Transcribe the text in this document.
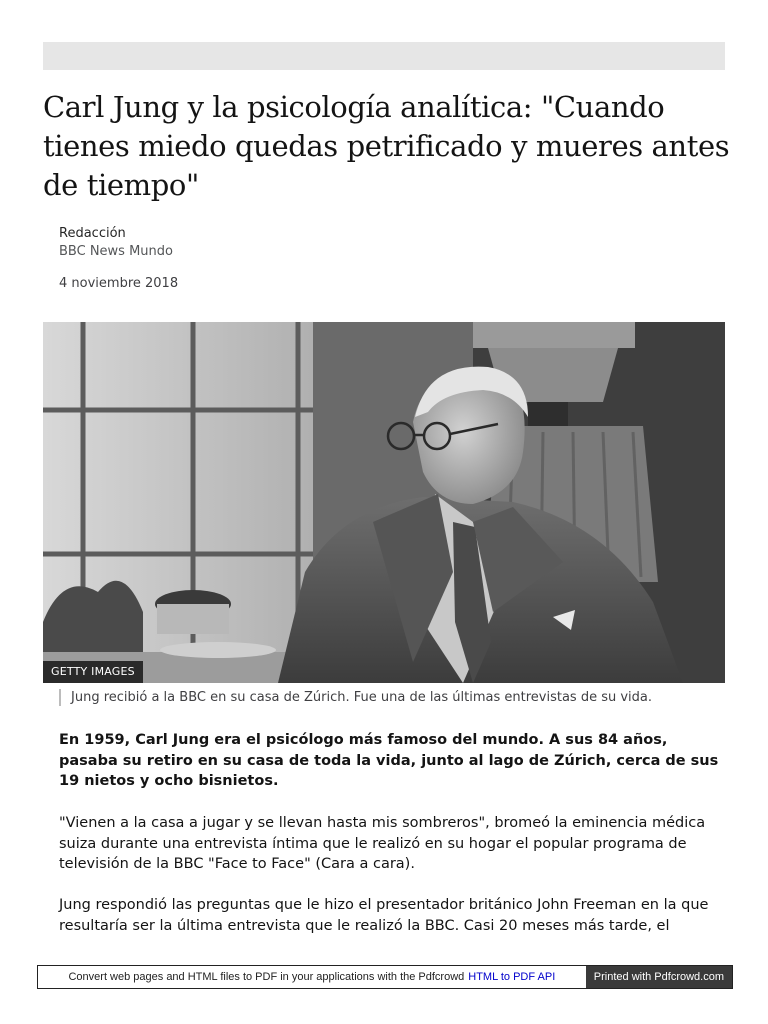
Carl Jung y la psicología analítica: "Cuando tienes miedo quedas petrificado y mueres antes de tiempo"
Redacción
BBC News Mundo
4 noviembre 2018
GETTY IMAGES
Jung recibió a la BBC en su casa de Zúrich. Fue una de las últimas entrevistas de su vida.

En 1959, Carl Jung era el psicólogo más famoso del mundo. A sus 84 años, pasaba su retiro en su casa de toda la vida, junto al lago de Zúrich, cerca de sus 19 nietos y ocho bisnietos.

"Vienen a la casa a jugar y se llevan hasta mis sombreros", bromeó la eminencia médica suiza durante una entrevista íntima que le realizó en su hogar el popular programa de televisión de la BBC "Face to Face" (Cara a cara).

Jung respondió las preguntas que le hizo el presentador británico John Freeman en la que resultaría ser la última entrevista que le realizó la BBC. Casi 20 meses más tarde, el

Convert web pages and HTML files to PDF in your applications with the Pdfcrowd HTML to PDF API	Printed with Pdfcrowd.com
